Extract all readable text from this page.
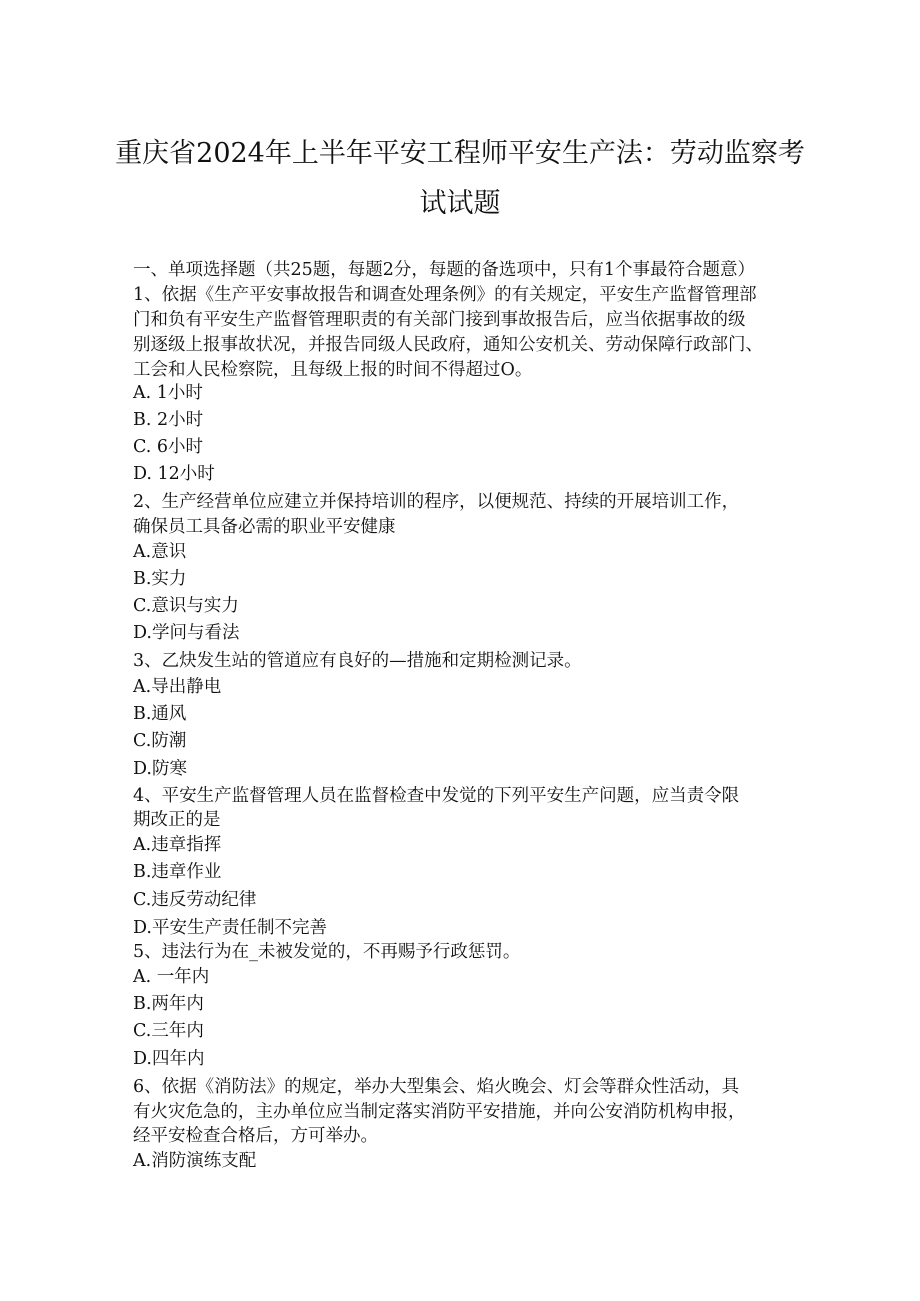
重庆省2024年上半年平安工程师平安生产法：劳动监察考
试试题
一、单项选择题（共25题，每题2分，每题的备选项中，只有1个事最符合题意）
1、依据《生产平安事故报告和调查处理条例》的有关规定，平安生产监督管理部
门和负有平安生产监督管理职责的有关部门接到事故报告后，应当依据事故的级
别逐级上报事故状况，并报告同级人民政府，通知公安机关、劳动保障行政部门、
工会和人民检察院，且每级上报的时间不得超过O。
A. 1小时
B. 2小时
C. 6小时
D. 12小时
2、生产经营单位应建立并保持培训的程序，以便规范、持续的开展培训工作，
确保员工具备必需的职业平安健康
A.意识
B.实力
C.意识与实力
D.学问与看法
3、乙炔发生站的管道应有良好的—措施和定期检测记录。
A.导出静电
B.通风
C.防潮
D.防寒
4、平安生产监督管理人员在监督检查中发觉的下列平安生产问题，应当责令限
期改正的是
A.违章指挥
B.违章作业
C.违反劳动纪律
D.平安生产责任制不完善
5、违法行为在_未被发觉的，不再赐予行政惩罚。
A. 一年内
B.两年内
C.三年内
D.四年内
6、依据《消防法》的规定，举办大型集会、焰火晚会、灯会等群众性活动，具
有火灾危急的，主办单位应当制定落实消防平安措施，并向公安消防机构申报，
经平安检查合格后，方可举办。
A.消防演练支配
